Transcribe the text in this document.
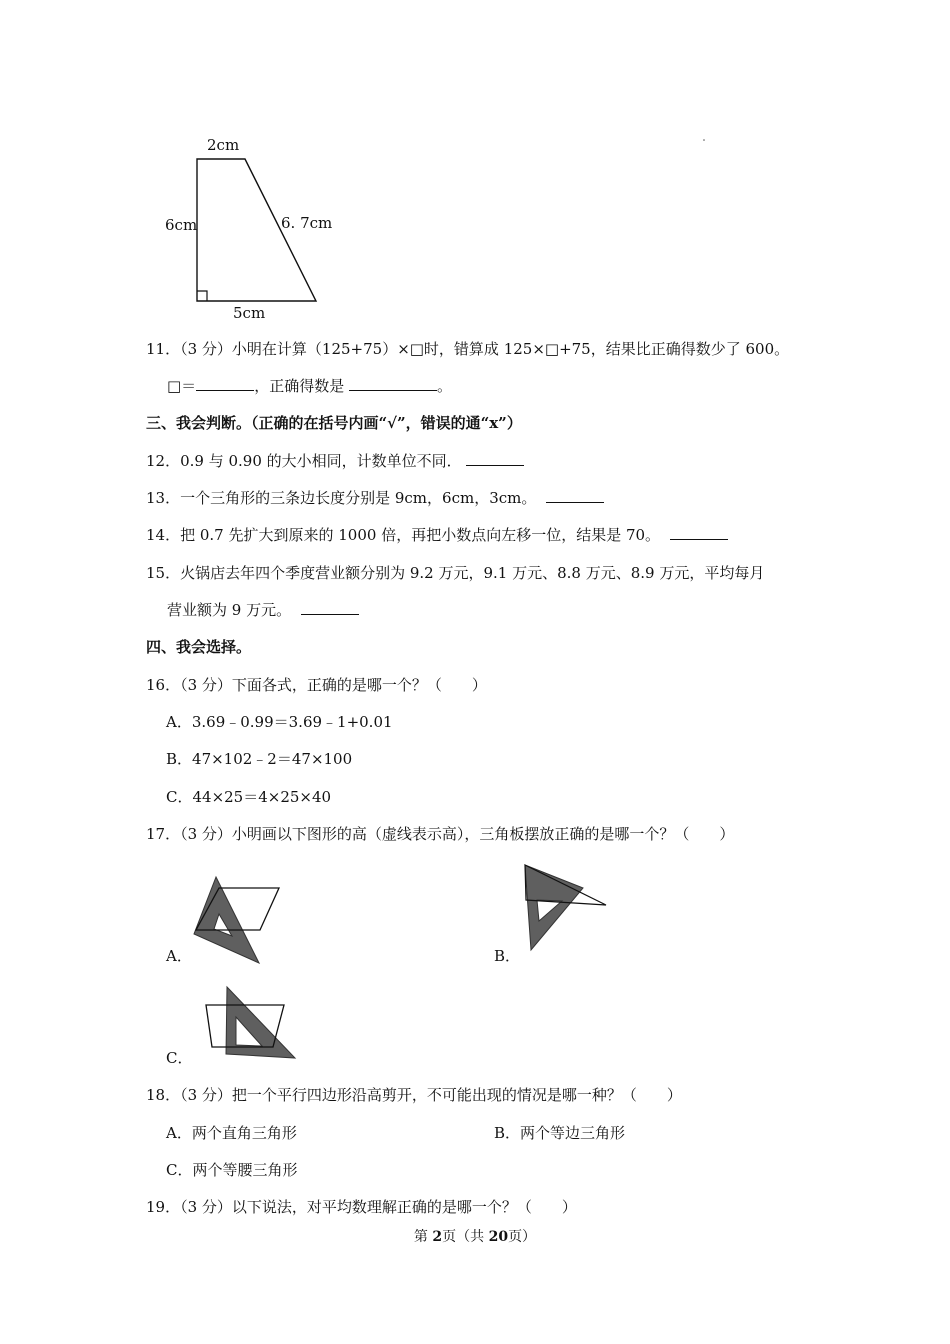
2cm
6cm	6. 7cm
5cm
11．（3 分）小明在计算（125+75）×□时，错算成 125×□+75，结果比正确得数少了 600。
□＝	，正确得数是	。
三、我会判断。（正确的在括号内画“√”，错误的通“x”）
12．0.9 与 0.90 的大小相同，计数单位不同．
13．一个三角形的三条边长度分别是 9cm，6cm，3cm。
14．把 0.7 先扩大到原来的 1000 倍，再把小数点向左移一位，结果是 70。
15．火锅店去年四个季度营业额分别为 9.2 万元，9.1 万元、8.8 万元、8.9 万元，平均每月
营业额为 9 万元。
四、我会选择。
16．（3 分）下面各式，正确的是哪一个？（　　）
A．3.69﹣0.99＝3.69﹣1+0.01
B．47×102﹣2＝47×100
C．44×25＝4×25×40
17．（3 分）小明画以下图形的高（虚线表示高），三角板摆放正确的是哪一个？（　　）
A．	B．
C．
18．（3 分）把一个平行四边形沿高剪开，不可能出现的情况是哪一种？（　　）
A．两个直角三角形	B．两个等边三角形
C．两个等腰三角形
19．（3 分）以下说法，对平均数理解正确的是哪一个？（　　）
第 2页（共 20页）
